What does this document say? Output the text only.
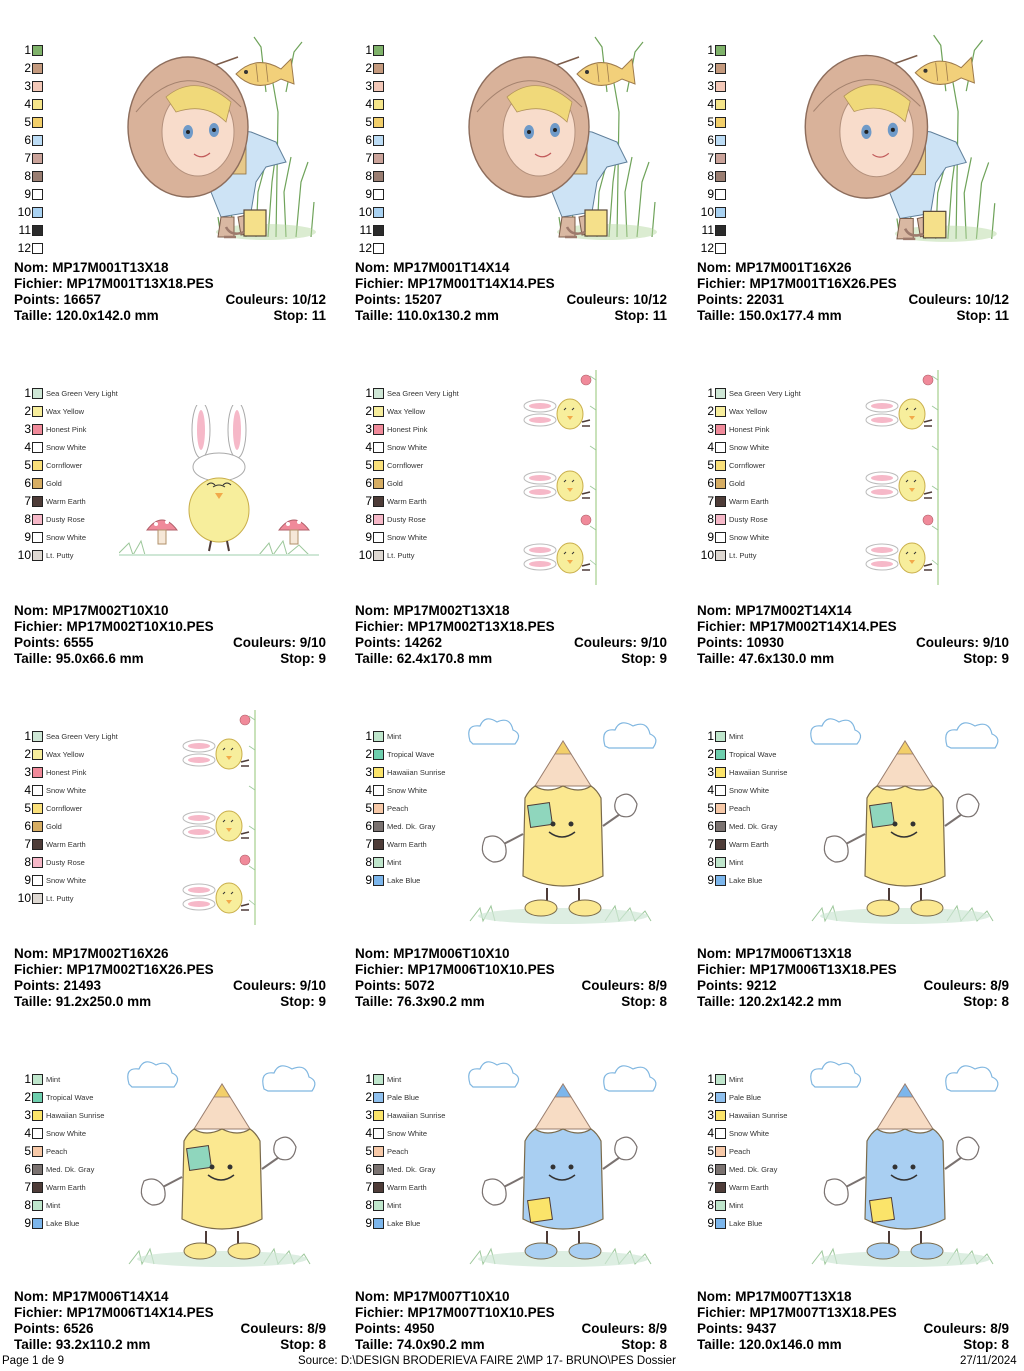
1
2
3
4
5
6
7
8
9
10
11
12
Nom: MP17M001T13X18
Fichier: MP17M001T13X18.PES
Points: 16657	Couleurs: 10/12
Taille: 120.0x142.0 mm	Stop: 11
1
2
3
4
5
6
7
8
9
10
11
12
Nom: MP17M001T14X14
Fichier: MP17M001T14X14.PES
Points: 15207	Couleurs: 10/12
Taille: 110.0x130.2 mm	Stop: 11
1
2
3
4
5
6
7
8
9
10
11
12
Nom: MP17M001T16X26
Fichier: MP17M001T16X26.PES
Points: 22031	Couleurs: 10/12
Taille: 150.0x177.4 mm	Stop: 11
1 Sea Green Very Light
2 Wax Yellow
3 Honest Pink
4 Snow White
5 Cornflower
6 Gold
7 Warm Earth
8 Dusty Rose
9 Snow White
10 Lt. Putty
Nom: MP17M002T10X10
Fichier: MP17M002T10X10.PES
Points: 6555	Couleurs: 9/10
Taille: 95.0x66.6 mm	Stop: 9
1 Sea Green Very Light
2 Wax Yellow
3 Honest Pink
4 Snow White
5 Cornflower
6 Gold
7 Warm Earth
8 Dusty Rose
9 Snow White
10 Lt. Putty
Nom: MP17M002T13X18
Fichier: MP17M002T13X18.PES
Points: 14262	Couleurs: 9/10
Taille: 62.4x170.8 mm	Stop: 9
1 Sea Green Very Light
2 Wax Yellow
3 Honest Pink
4 Snow White
5 Cornflower
6 Gold
7 Warm Earth
8 Dusty Rose
9 Snow White
10 Lt. Putty
Nom: MP17M002T14X14
Fichier: MP17M002T14X14.PES
Points: 10930	Couleurs: 9/10
Taille: 47.6x130.0 mm	Stop: 9
1 Sea Green Very Light
2 Wax Yellow
3 Honest Pink
4 Snow White
5 Cornflower
6 Gold
7 Warm Earth
8 Dusty Rose
9 Snow White
10 Lt. Putty
Nom: MP17M002T16X26
Fichier: MP17M002T16X26.PES
Points: 21493	Couleurs: 9/10
Taille: 91.2x250.0 mm	Stop: 9
1 Mint
2 Tropical Wave
3 Hawaiian Sunrise
4 Snow White
5 Peach
6 Med. Dk. Gray
7 Warm Earth
8 Mint
9 Lake Blue
Nom: MP17M006T10X10
Fichier: MP17M006T10X10.PES
Points: 5072	Couleurs: 8/9
Taille: 76.3x90.2 mm	Stop: 8
1 Mint
2 Tropical Wave
3 Hawaiian Sunrise
4 Snow White
5 Peach
6 Med. Dk. Gray
7 Warm Earth
8 Mint
9 Lake Blue
Nom: MP17M006T13X18
Fichier: MP17M006T13X18.PES
Points: 9212	Couleurs: 8/9
Taille: 120.2x142.2 mm	Stop: 8
1 Mint
2 Tropical Wave
3 Hawaiian Sunrise
4 Snow White
5 Peach
6 Med. Dk. Gray
7 Warm Earth
8 Mint
9 Lake Blue
Nom: MP17M006T14X14
Fichier: MP17M006T14X14.PES
Points: 6526	Couleurs: 8/9
Taille: 93.2x110.2 mm	Stop: 8
1 Mint
2 Pale Blue
3 Hawaiian Sunrise
4 Snow White
5 Peach
6 Med. Dk. Gray
7 Warm Earth
8 Mint
9 Lake Blue
Nom: MP17M007T10X10
Fichier: MP17M007T10X10.PES
Points: 4950	Couleurs: 8/9
Taille: 74.0x90.2 mm	Stop: 8
1 Mint
2 Pale Blue
3 Hawaiian Sunrise
4 Snow White
5 Peach
6 Med. Dk. Gray
7 Warm Earth
8 Mint
9 Lake Blue
Nom: MP17M007T13X18
Fichier: MP17M007T13X18.PES
Points: 9437	Couleurs: 8/9
Taille: 120.0x146.0 mm	Stop: 8
Page 1 de 9	Source: D:\DESIGN BRODERIEVA FAIRE 2\MP 17- BRUNO\PES Dossier	27/11/2024
